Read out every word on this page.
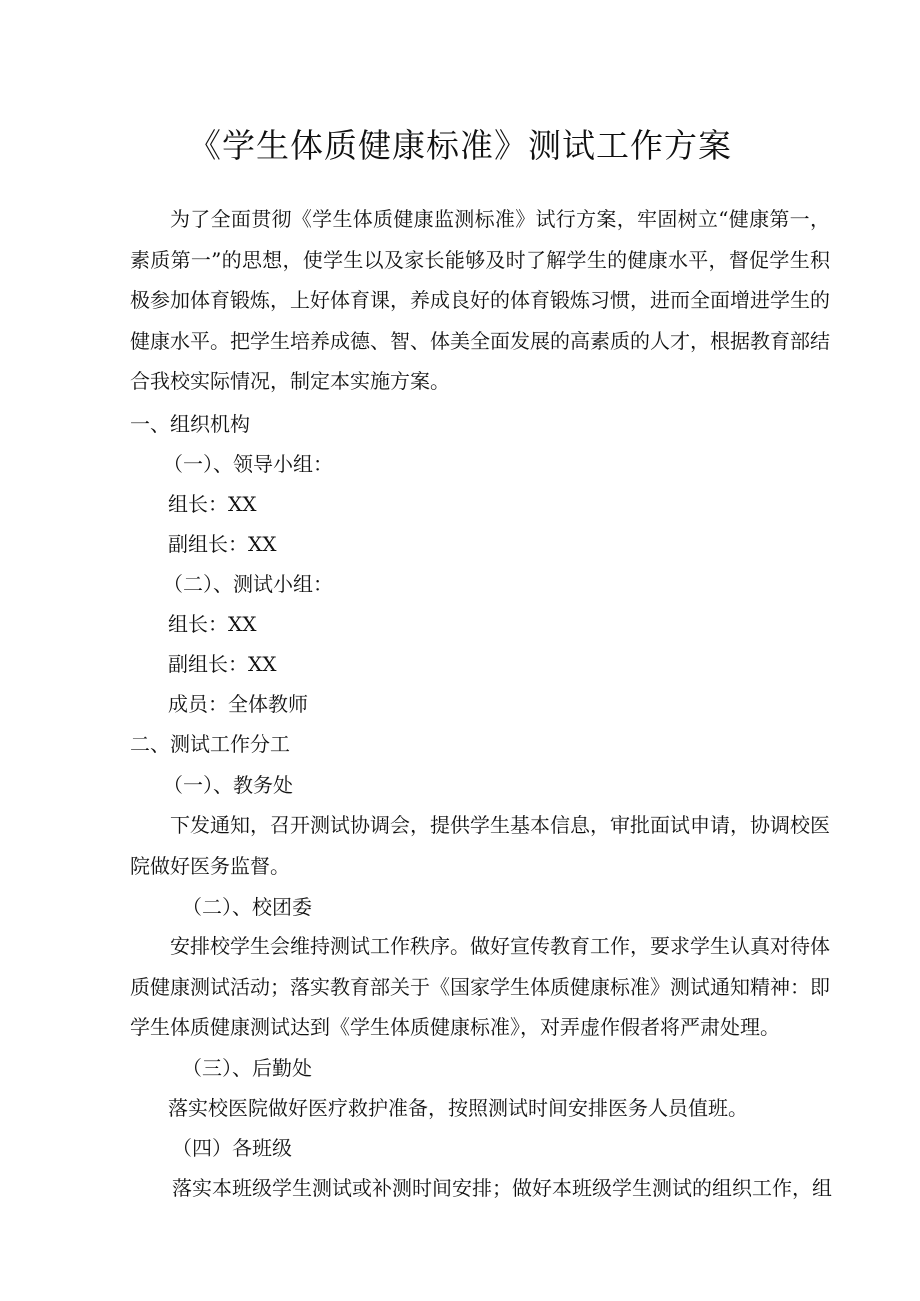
《学生体质健康标准》测试工作方案
为了全面贯彻《学生体质健康监测标准》试行方案，牢固树立“健康第一，素质第一”的思想，使学生以及家长能够及时了解学生的健康水平，督促学生积极参加体育锻炼，上好体育课，养成良好的体育锻炼习惯，进而全面增进学生的健康水平。把学生培养成德、智、体美全面发展的高素质的人才，根据教育部结合我校实际情况，制定本实施方案。
一、组织机构
（一）、领导小组：
组长：XX
副组长：XX
（二）、测试小组：
组长：XX
副组长：XX
成员：全体教师
二、测试工作分工
（一）、教务处
下发通知，召开测试协调会，提供学生基本信息，审批面试申请，协调校医院做好医务监督。
（二）、校团委
安排校学生会维持测试工作秩序。做好宣传教育工作，要求学生认真对待体质健康测试活动；落实教育部关于《国家学生体质健康标准》测试通知精神：即学生体质健康测试达到《学生体质健康标准》，对弄虚作假者将严肃处理。
（三）、后勤处
落实校医院做好医疗救护准备，按照测试时间安排医务人员值班。
（四）各班级
落实本班级学生测试或补测时间安排；做好本班级学生测试的组织工作，组
